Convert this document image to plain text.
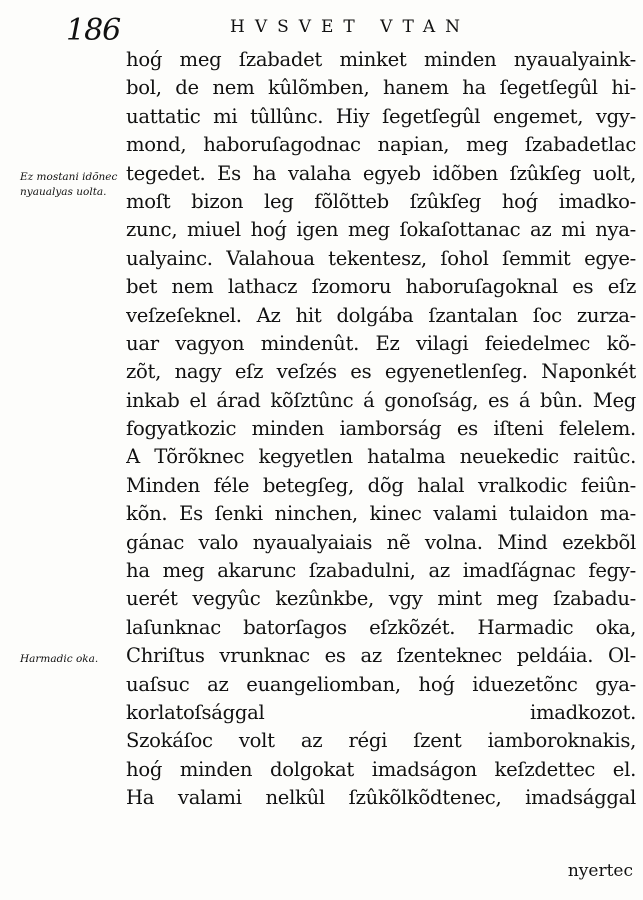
186	HVSVET VTAN
Ez mostani idõnec nyaualyas uolta.
Harmadic oka.
hoǵ meg ſzabadet minket minden nyaualyaink-
bol, de nem kûlõmben, hanem ha ſegetſegûl hi-
uattatic mi tûllûnc. Hiy ſegetſegûl engemet, vgy-
mond, haboruſagodnac napian, meg ſzabadetlac
tegedet. Es ha valaha egyeb idõben ſzûkſeg uolt,
moſt bizon leg fõlõtteb ſzûkſeg hoǵ imadko-
zunc, miuel hoǵ igen meg ſokaſottanac az mi nya-
ualyainc. Valahoua tekentesz, ſohol ſemmit egye-
bet nem lathacz ſzomoru haboruſagoknal es eſz
veſzeſeknel. Az hit dolgába ſzantalan ſoc zurza-
uar vagyon mindenût. Ez vilagi feiedelmec kõ-
zõt, nagy eſz veſzés es egyenetlenſeg. Naponkét
inkab el árad kõſztûnc á gonoſság, es á bûn. Meg
fogyatkozic minden iamborság es iſteni felelem.
A Tõrõknec kegyetlen hatalma neuekedic raitûc.
Minden féle betegſeg, dõg halal vralkodic feiûn-
kõn. Es ſenki ninchen, kinec valami tulaidon ma-
gánac valo nyaualyaiais nẽ volna. Mind ezekbõl
ha meg akarunc ſzabadulni, az imadſágnac fegy-
uerét vegyûc kezûnkbe, vgy mint meg ſzabadu-
laſunknac batorſagos eſzkõzét. Harmadic oka,
Chriſtus vrunknac es az ſzenteknec peldáia. Ol-
uaſsuc az euangeliomban, hoǵ iduezetõnc gya-
korlatoſsággal imadkozot.
Szokáſoc volt az régi ſzent iamboroknakis,
hoǵ minden dolgokat imadságon keſzdettec el.
Ha valami nelkûl ſzûkõlkõdtenec, imadsággal
nyertec
